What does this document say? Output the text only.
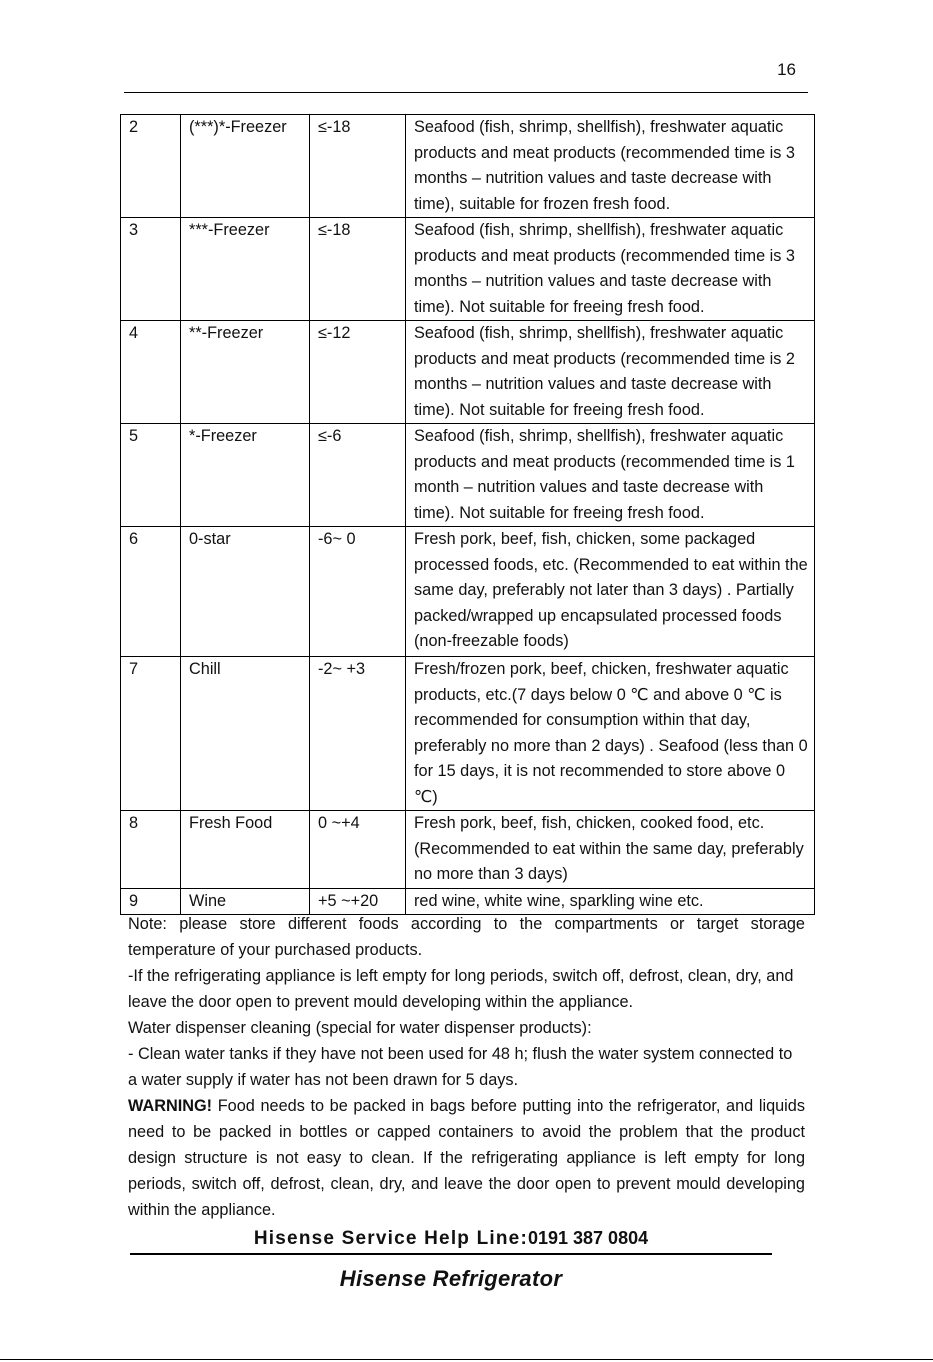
16
2	(***)*-Freezer	≤-18	Seafood (fish, shrimp, shellfish), freshwater aquatic products and meat products (recommended time is 3 months – nutrition values and taste decrease with time), suitable for frozen fresh food.
3	***-Freezer	≤-18	Seafood (fish, shrimp, shellfish), freshwater aquatic products and meat products (recommended time is 3 months – nutrition values and taste decrease with time). Not suitable for freeing fresh food.
4	**-Freezer	≤-12	Seafood (fish, shrimp, shellfish), freshwater aquatic products and meat products (recommended time is 2 months – nutrition values and taste decrease with time). Not suitable for freeing fresh food.
5	*-Freezer	≤-6	Seafood (fish, shrimp, shellfish), freshwater aquatic products and meat products (recommended time is 1 month – nutrition values and taste decrease with time). Not suitable for freeing fresh food.
6	0-star	-6~ 0	Fresh pork, beef, fish, chicken, some packaged processed foods, etc. (Recommended to eat within the same day, preferably not later than 3 days) . Partially packed/wrapped up encapsulated processed foods (non-freezable foods)
7	Chill	-2~ +3	Fresh/frozen pork, beef, chicken, freshwater aquatic products, etc.(7 days below 0 ℃ and above 0 ℃ is recommended for consumption within that day, preferably no more than 2 days) . Seafood (less than 0 for 15 days, it is not recommended to store above 0 ℃)
8	Fresh Food	0 ~+4	Fresh pork, beef, fish, chicken, cooked food, etc. (Recommended to eat within the same day, preferably no more than 3 days)
9	Wine	+5 ~+20	red wine, white wine, sparkling wine etc.

Note: please store different foods according to the compartments or target storage temperature of your purchased products.

-If the refrigerating appliance is left empty for long periods, switch off, defrost, clean, dry, and leave the door open to prevent mould developing within the appliance.

Water dispenser cleaning (special for water dispenser products):

- Clean water tanks if they have not been used for 48 h; flush the water system connected to a water supply if water has not been drawn for 5 days.

WARNING! Food needs to be packed in bags before putting into the refrigerator, and liquids need to be packed in bottles or capped containers to avoid the problem that the product design structure is not easy to clean. If the refrigerating appliance is left empty for long periods, switch off, defrost, clean, dry, and leave the door open to prevent mould developing within the appliance.

Hisense Service Help Line:0191 387 0804
Hisense Refrigerator
